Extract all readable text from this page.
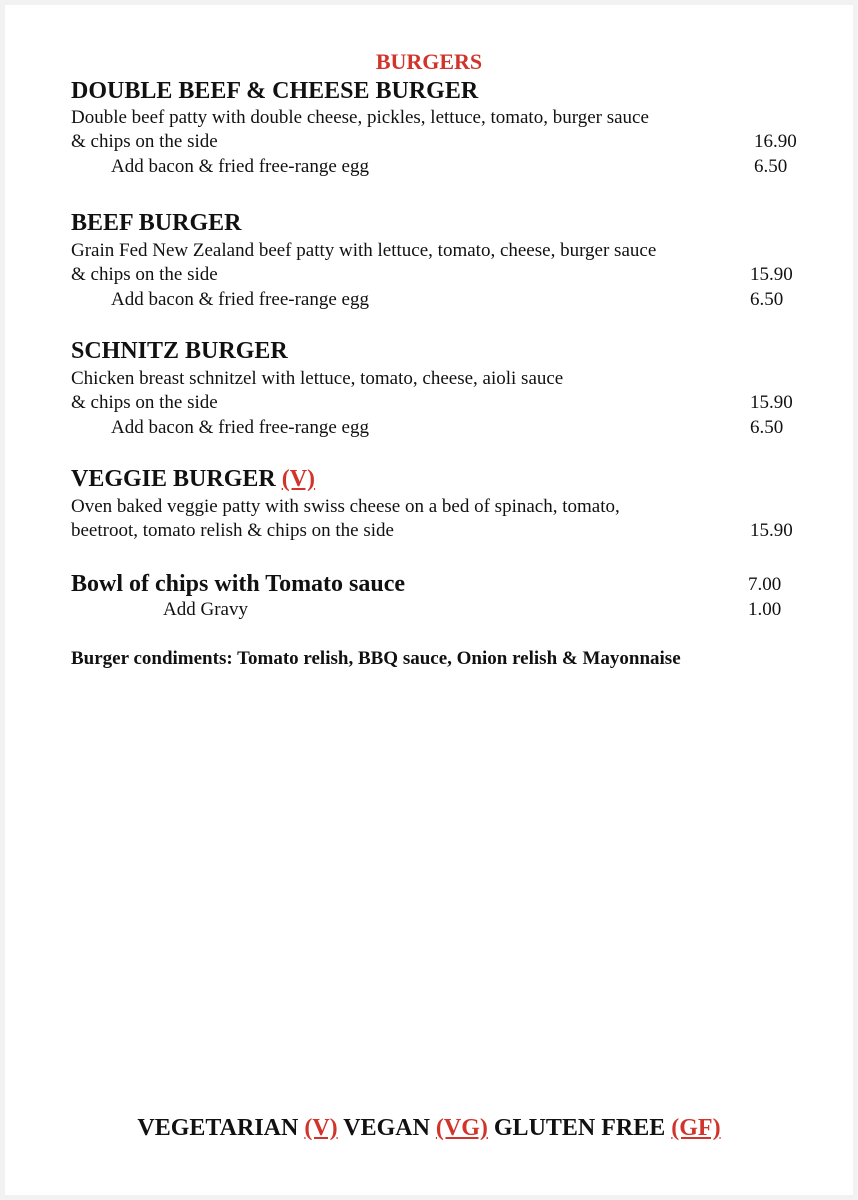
BURGERS
DOUBLE BEEF & CHEESE BURGER
Double beef patty with double cheese, pickles, lettuce, tomato, burger sauce
& chips on the side	16.90
Add bacon & fried free-range egg	6.50
BEEF BURGER
Grain Fed New Zealand beef patty with lettuce, tomato, cheese, burger sauce
& chips on the side	15.90
Add bacon & fried free-range egg	6.50
SCHNITZ BURGER
Chicken breast schnitzel with lettuce, tomato, cheese, aioli sauce
& chips on the side	15.90
Add bacon & fried free-range egg	6.50
VEGGIE BURGER (V)
Oven baked veggie patty with swiss cheese on a bed of spinach, tomato,
beetroot, tomato relish & chips on the side	15.90
Bowl of chips with Tomato sauce	7.00
Add Gravy	1.00
Burger condiments: Tomato relish, BBQ sauce, Onion relish & Mayonnaise
VEGETARIAN (V) VEGAN (VG) GLUTEN FREE (GF)
